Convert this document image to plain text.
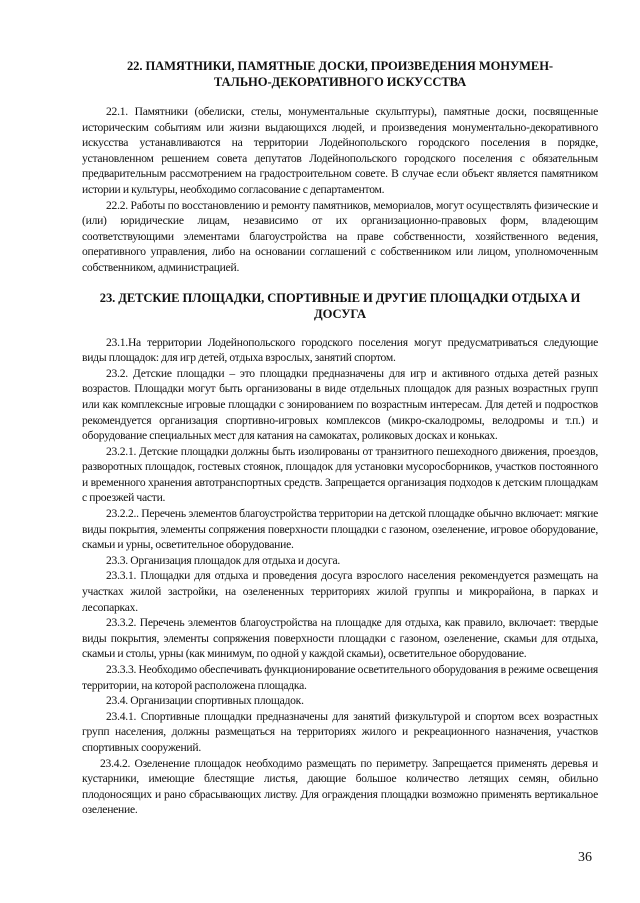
22. ПАМЯТНИКИ, ПАМЯТНЫЕ ДОСКИ, ПРОИЗВЕДЕНИЯ МОНУМЕН-
ТАЛЬНО-ДЕКОРАТИВНОГО ИСКУССТВА

22.1. Памятники (обелиски, стелы, монументальные скульптуры), памятные доски, посвященные историческим событиям или жизни выдающихся людей, и произведения монументально-декоративного искусства устанавливаются на территории Лодейнопольского городского поселения в порядке, установленном решением совета депутатов Лодейнопольского городского поселения с обязательным предварительным рассмотрением на градостроительном совете. В случае если объект является памятником истории и культуры, необходимо согласование с департаментом.

22.2. Работы по восстановлению и ремонту памятников, мемориалов, могут осуществлять физические и (или) юридические лицам, независимо от их организационно-правовых форм, владеющим соответствующими элементами благоустройства на праве собственности, хозяйственного ведения, оперативного управления, либо на основании соглашений с собственником или лицом, уполномоченным собственником, администрацией.

23. ДЕТСКИЕ ПЛОЩАДКИ, СПОРТИВНЫЕ И ДРУГИЕ ПЛОЩАДКИ ОТДЫХА И
ДОСУГА

23.1.На территории Лодейнопольского городского поселения могут предусматриваться следующие виды площадок: для игр детей, отдыха взрослых, занятий спортом.

23.2. Детские площадки – это площадки предназначены для игр и активного отдыха детей разных возрастов. Площадки могут быть организованы в виде отдельных площадок для разных возрастных групп или как комплексные игровые площадки с зонированием по возрастным интересам. Для детей и подростков рекомендуется организация спортивно-игровых комплексов (микро-скалодромы, велодромы и т.п.) и оборудование специальных мест для катания на самокатах, роликовых досках и коньках.

23.2.1. Детские площадки должны быть изолированы от транзитного пешеходного движения, проездов, разворотных площадок, гостевых стоянок, площадок для установки мусоросборников, участков постоянного и временного хранения автотранспортных средств. Запрещается организация подходов к детским площадкам с проезжей части.

23.2.2.. Перечень элементов благоустройства территории на детской площадке обычно включает: мягкие виды покрытия, элементы сопряжения поверхности площадки с газоном, озеленение, игровое оборудование, скамьи и урны, осветительное оборудование.

23.3. Организация площадок для отдыха и досуга.

23.3.1. Площадки для отдыха и проведения досуга взрослого населения рекомендуется размещать на участках жилой застройки, на озелененных территориях жилой группы и микрорайона, в парках и лесопарках.

23.3.2. Перечень элементов благоустройства на площадке для отдыха, как правило, включает: твердые виды покрытия, элементы сопряжения поверхности площадки с газоном, озеленение, скамьи для отдыха, скамьи и столы, урны (как минимум, по одной у каждой скамьи), осветительное оборудование.

23.3.3. Необходимо обеспечивать функционирование осветительного оборудования в режиме освещения территории, на которой расположена площадка.

23.4. Организации спортивных площадок.

23.4.1. Спортивные площадки предназначены для занятий физкультурой и спортом всех возрастных групп населения, должны размещаться на территориях жилого и рекреационного назначения, участков спортивных сооружений.

23.4.2. Озеленение площадок необходимо размещать по периметру. Запрещается применять деревья и кустарники, имеющие блестящие листья, дающие большое количество летящих семян, обильно плодоносящих и рано сбрасывающих листву. Для ограждения площадки возможно применять вертикальное озеленение.

36
